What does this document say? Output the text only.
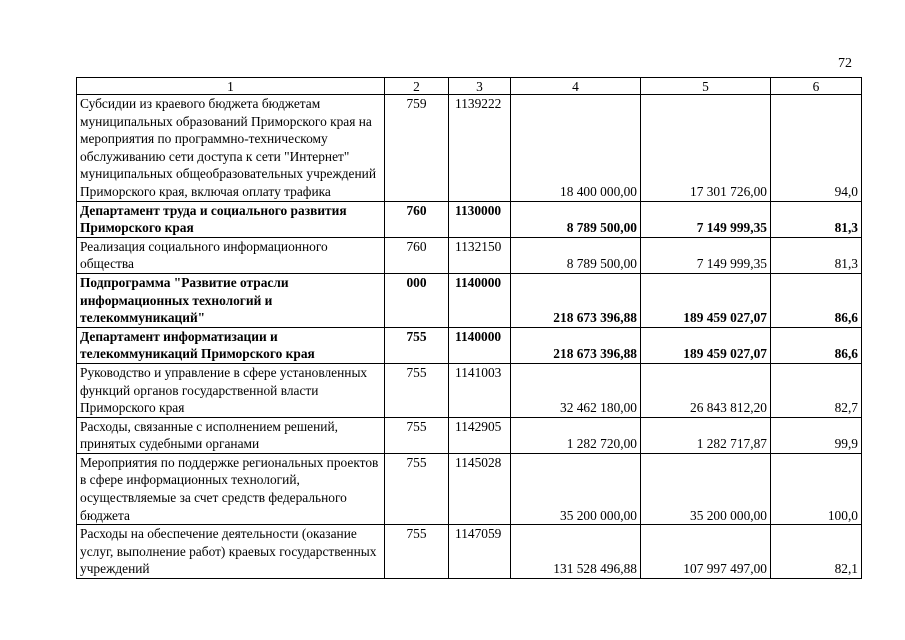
72
1	2	3	4	5	6
Субсидии из краевого бюджета бюджетам муниципальных образований Приморского края на мероприятия по программно-техническому обслуживанию сети доступа к сети "Интернет" муниципальных общеобразовательных учреждений Приморского края, включая оплату трафика	759	1139222	18 400 000,00	17 301 726,00	94,0
Департамент труда и социального развития Приморского края	760	1130000	8 789 500,00	7 149 999,35	81,3
Реализация социального информационного общества	760	1132150	8 789 500,00	7 149 999,35	81,3
Подпрограмма "Развитие отрасли информационных технологий и телекоммуникаций"	000	1140000	218 673 396,88	189 459 027,07	86,6
Департамент информатизации и телекоммуникаций Приморского края	755	1140000	218 673 396,88	189 459 027,07	86,6
Руководство и управление в сфере установленных функций органов государственной власти Приморского края	755	1141003	32 462 180,00	26 843 812,20	82,7
Расходы, связанные с исполнением решений, принятых судебными органами	755	1142905	1 282 720,00	1 282 717,87	99,9
Мероприятия по поддержке региональных проектов в сфере информационных технологий, осуществляемые за счет средств федерального бюджета	755	1145028	35 200 000,00	35 200 000,00	100,0
Расходы на обеспечение деятельности (оказание услуг, выполнение работ) краевых государственных учреждений	755	1147059	131 528 496,88	107 997 497,00	82,1
